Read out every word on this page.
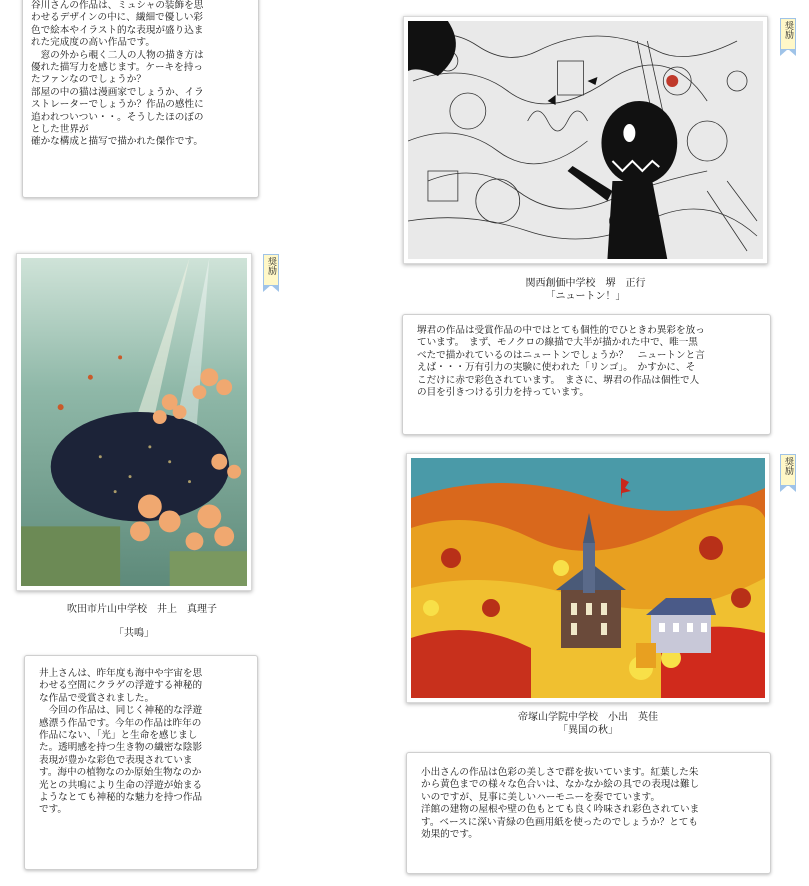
谷川さんの作品は、ミュシャの装飾を思
わせるデザインの中に、繊細で優しい彩
色で絵本やイラスト的な表現が盛り込ま
れた完成度の高い作品です。
　窓の外から覗く二人の人物の描き方は
優れた描写力を感じます。ケーキを持っ
たファンなのでしょうか？
部屋の中の猫は漫画家でしょうか、イラ
ストレーターでしょうか？作品の感性に
追われついつい・・。そうしたほのぼの
とした世界が
確かな構成と描写で描かれた傑作です。

奨励
関西創価中学校　堺　正行
「ニュートン！」

堺君の作品は受賞作品の中ではとても個性的でひときわ異彩を放っ
ています。　まず、モノクロの線描で大半が描かれた中で、唯一黒
べたで描かれているのはニュートンでしょうか？　ニュートンと言
えば・・・万有引力の実験に使われた「リンゴ」。　かすかに、そ
こだけに赤で彩色されています。　まさに、堺君の作品は個性で人
の目を引きつける引力を持っています。

奨励
吹田市片山中学校　井上　真理子
「共鳴」

井上さんは、昨年度も海中や宇宙を思
わせる空間にクラゲの浮遊する神秘的
な作品で受賞されました。
　今回の作品は、同じく神秘的な浮遊
感漂う作品です。今年の作品は昨年の
作品にない、「光」と生命を感じまし
た。透明感を持つ生き物の繊密な陰影
表現が豊かな彩色で表現されていま
す。海中の植物なのか原始生物なのか
光との共鳴により生命の浮遊が始まる
ようなとても神秘的な魅力を持つ作品
です。

奨励
帝塚山学院中学校　小出　英佳
「異国の秋」

小出さんの作品は色彩の美しさで群を抜いています。紅葉した朱
から黄色までの様々な色合いは、なかなか絵の具での表現は難し
いのですが、見事に美しいハーモニーを奏でています。
洋館の建物の屋根や壁の色もとても良く吟味され彩色されていま
す。ベースに深い青緑の色画用紙を使ったのでしょうか？とても
効果的です。
